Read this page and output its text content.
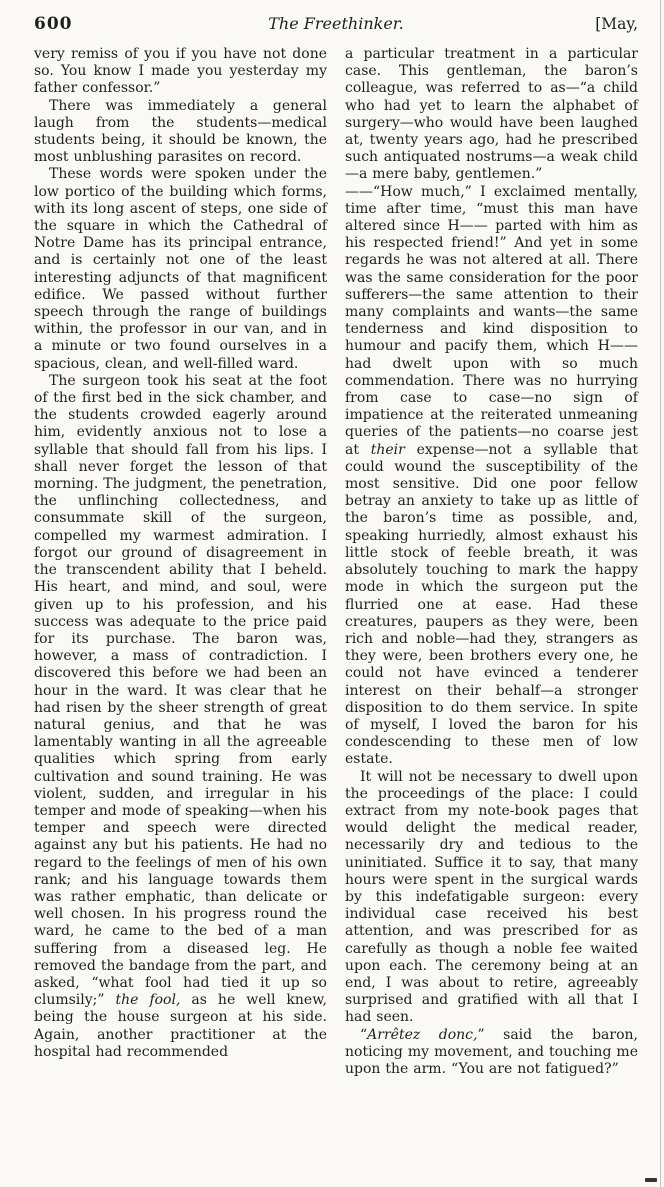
600	The Freethinker.	[May,

very remiss of you if you have not done so. You know I made you yesterday my father confessor.”

There was immediately a general laugh from the students—medical students being, it should be known, the most unblushing parasites on record.

These words were spoken under the low portico of the building which forms, with its long ascent of steps, one side of the square in which the Cathedral of Notre Dame has its principal entrance, and is certainly not one of the least interesting adjuncts of that magnificent edifice. We passed without further speech through the range of buildings within, the professor in our van, and in a minute or two found ourselves in a spacious, clean, and well-filled ward.

The surgeon took his seat at the foot of the first bed in the sick chamber, and the students crowded eagerly around him, evidently anxious not to lose a syllable that should fall from his lips. I shall never forget the lesson of that morning. The judgment, the penetration, the unflinching collectedness, and consummate skill of the surgeon, compelled my warmest admiration. I forgot our ground of disagreement in the transcendent ability that I beheld. His heart, and mind, and soul, were given up to his profession, and his success was adequate to the price paid for its purchase. The baron was, however, a mass of contradiction. I discovered this before we had been an hour in the ward. It was clear that he had risen by the sheer strength of great natural genius, and that he was lamentably wanting in all the agreeable qualities which spring from early cultivation and sound training. He was violent, sudden, and irregular in his temper and mode of speaking—when his temper and speech were directed against any but his patients. He had no regard to the feelings of men of his own rank; and his language towards them was rather emphatic, than delicate or well chosen. In his progress round the ward, he came to the bed of a man suffering from a diseased leg. He removed the bandage from the part, and asked, “what fool had tied it up so clumsily;” the fool, as he well knew, being the house surgeon at his side. Again, another practitioner at the hospital had recommended

a particular treatment in a particular case. This gentleman, the baron’s colleague, was referred to as—“a child who had yet to learn the alphabet of surgery—who would have been laughed at, twenty years ago, had he prescribed such antiquated nostrums—a weak child—a mere baby, gentlemen.”

——“How much,” I exclaimed mentally, time after time, “must this man have altered since H—— parted with him as his respected friend!” And yet in some regards he was not altered at all. There was the same consideration for the poor sufferers—the same attention to their many complaints and wants—the same tenderness and kind disposition to humour and pacify them, which H—— had dwelt upon with so much commendation. There was no hurrying from case to case—no sign of impatience at the reiterated unmeaning queries of the patients—no coarse jest at their expense—not a syllable that could wound the susceptibility of the most sensitive. Did one poor fellow betray an anxiety to take up as little of the baron’s time as possible, and, speaking hurriedly, almost exhaust his little stock of feeble breath, it was absolutely touching to mark the happy mode in which the surgeon put the flurried one at ease. Had these creatures, paupers as they were, been rich and noble—had they, strangers as they were, been brothers every one, he could not have evinced a tenderer interest on their behalf—a stronger disposition to do them service. In spite of myself, I loved the baron for his condescending to these men of low estate.

It will not be necessary to dwell upon the proceedings of the place: I could extract from my note-book pages that would delight the medical reader, necessarily dry and tedious to the uninitiated. Suffice it to say, that many hours were spent in the surgical wards by this indefatigable surgeon: every individual case received his best attention, and was prescribed for as carefully as though a noble fee waited upon each. The ceremony being at an end, I was about to retire, agreeably surprised and gratified with all that I had seen.

“Arrêtez donc,” said the baron, noticing my movement, and touching me upon the arm. “You are not fatigued?”
